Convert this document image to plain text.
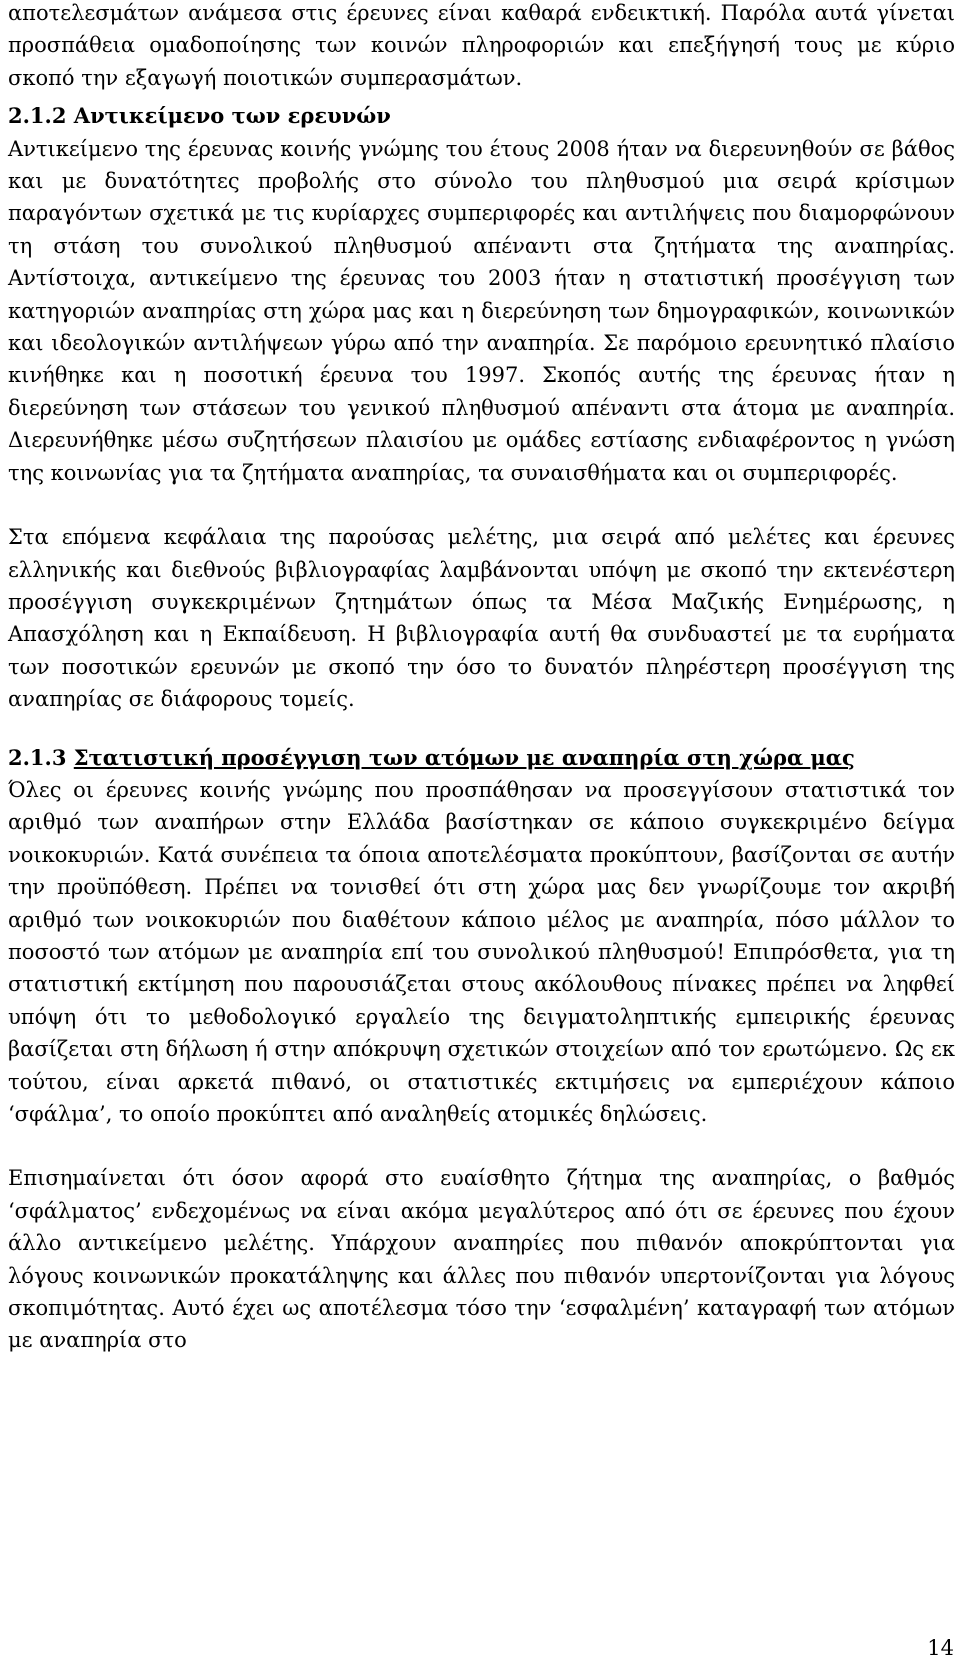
αποτελεσμάτων ανάμεσα στις έρευνες είναι καθαρά ενδεικτική. Παρόλα αυτά γίνεται προσπάθεια ομαδοποίησης των κοινών πληροφοριών και επεξήγησή τους με κύριο σκοπό την εξαγωγή ποιοτικών συμπερασμάτων.

2.1.2 Αντικείμενο των ερευνών

Αντικείμενο της έρευνας κοινής γνώμης του έτους 2008 ήταν να διερευνηθούν σε βάθος και με δυνατότητες προβολής στο σύνολο του πληθυσμού μια σειρά κρίσιμων παραγόντων σχετικά με τις κυρίαρχες συμπεριφορές και αντιλήψεις που διαμορφώνουν τη στάση του συνολικού πληθυσμού απέναντι στα ζητήματα της αναπηρίας. Αντίστοιχα, αντικείμενο της έρευνας του 2003 ήταν η στατιστική προσέγγιση των κατηγοριών αναπηρίας στη χώρα μας και η διερεύνηση των δημογραφικών, κοινωνικών και ιδεολογικών αντιλήψεων γύρω από την αναπηρία. Σε παρόμοιο ερευνητικό πλαίσιο κινήθηκε και η ποσοτική έρευνα του 1997. Σκοπός αυτής της έρευνας ήταν η διερεύνηση των στάσεων του γενικού πληθυσμού απέναντι στα άτομα με αναπηρία. Διερευνήθηκε μέσω συζητήσεων πλαισίου με ομάδες εστίασης ενδιαφέροντος η γνώση της κοινωνίας για τα ζητήματα αναπηρίας, τα συναισθήματα και οι συμπεριφορές.

Στα επόμενα κεφάλαια της παρούσας μελέτης, μια σειρά από μελέτες και έρευνες ελληνικής και διεθνούς βιβλιογραφίας λαμβάνονται υπόψη με σκοπό την εκτενέστερη προσέγγιση συγκεκριμένων ζητημάτων όπως τα Μέσα Μαζικής Ενημέρωσης, η Απασχόληση και η Εκπαίδευση. Η βιβλιογραφία αυτή θα συνδυαστεί με τα ευρήματα των ποσοτικών ερευνών με σκοπό την όσο το δυνατόν πληρέστερη προσέγγιση της αναπηρίας σε διάφορους τομείς.

2.1.3 Στατιστική προσέγγιση των ατόμων με αναπηρία στη χώρα μας

Όλες οι έρευνες κοινής γνώμης που προσπάθησαν να προσεγγίσουν στατιστικά τον αριθμό των αναπήρων στην Ελλάδα βασίστηκαν σε κάποιο συγκεκριμένο δείγμα νοικοκυριών. Κατά συνέπεια τα όποια αποτελέσματα προκύπτουν, βασίζονται σε αυτήν την προϋπόθεση. Πρέπει να τονισθεί ότι στη χώρα μας δεν γνωρίζουμε τον ακριβή αριθμό των νοικοκυριών που διαθέτουν κάποιο μέλος με αναπηρία, πόσο μάλλον το ποσοστό των ατόμων με αναπηρία επί του συνολικού πληθυσμού! Επιπρόσθετα, για τη στατιστική εκτίμηση που παρουσιάζεται στους ακόλουθους πίνακες πρέπει να ληφθεί υπόψη ότι το μεθοδολογικό εργαλείο της δειγματοληπτικής εμπειρικής έρευνας βασίζεται στη δήλωση ή στην απόκρυψη σχετικών στοιχείων από τον ερωτώμενο. Ως εκ τούτου, είναι αρκετά πιθανό, οι στατιστικές εκτιμήσεις να εμπεριέχουν κάποιο ‘σφάλμα’, το οποίο προκύπτει από αναληθείς ατομικές δηλώσεις.

Επισημαίνεται ότι όσον αφορά στο ευαίσθητο ζήτημα της αναπηρίας, ο βαθμός ‘σφάλματος’ ενδεχομένως να είναι ακόμα μεγαλύτερος από ότι σε έρευνες που έχουν άλλο αντικείμενο μελέτης. Υπάρχουν αναπηρίες που πιθανόν αποκρύπτονται για λόγους κοινωνικών προκατάληψης και άλλες που πιθανόν υπερτονίζονται για λόγους σκοπιμότητας. Αυτό έχει ως αποτέλεσμα τόσο την ‘εσφαλμένη’ καταγραφή των ατόμων με αναπηρία στο

14
